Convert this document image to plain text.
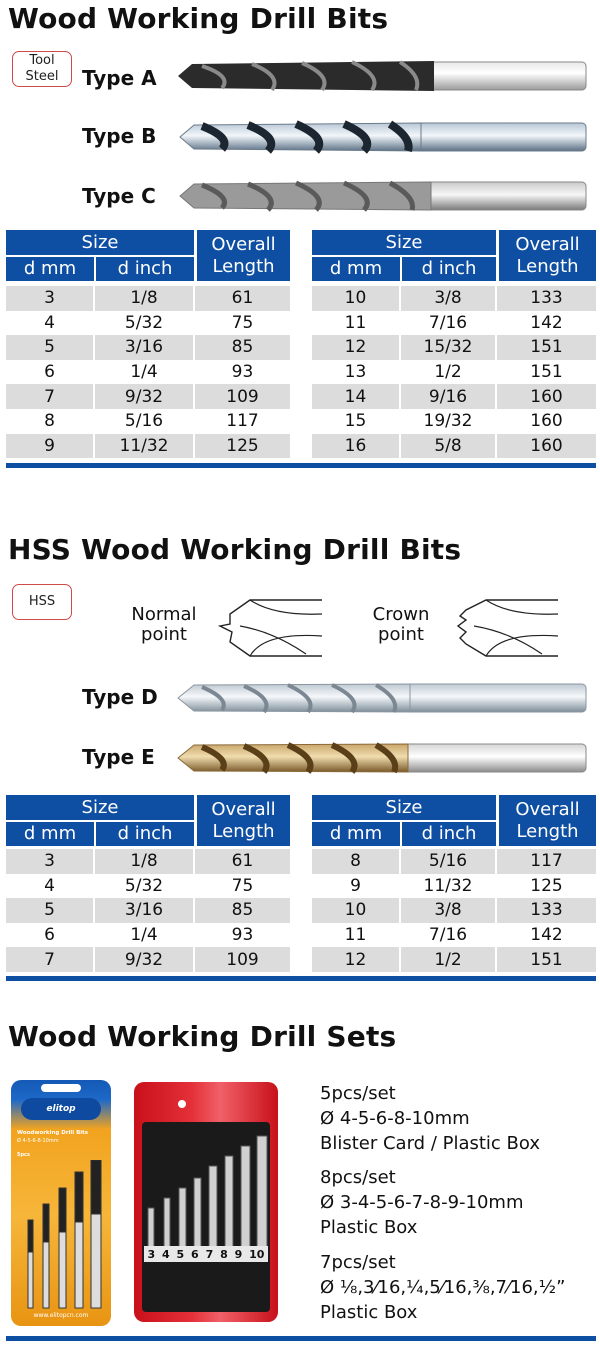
Wood Working Drill Bits
Tool
Steel	Type A
Type B
Type C
Size
d mm	d inch
Overall
Length
3	1/8	61
4	5/32	75
5	3/16	85
6	1/4	93
7	9/32	109
8	5/16	117
9	11/32	125
Size
d mm	d inch
Overall
Length
10	3/8	133
11	7/16	142
12	15/32	151
13	1/2	151
14	9/16	160
15	19/32	160
16	5/8	160
HSS Wood Working Drill Bits
HSS
Normal
point
Crown
point
Type D
Type E
Size
d mm	d inch
Overall
Length
3	1/8	61
4	5/32	75
5	3/16	85
6	1/4	93
7	9/32	109
Size
d mm	d inch
Overall
Length
8	5/16	117
9	11/32	125
10	3/8	133
11	7/16	142
12	1/2	151
Wood Working Drill Sets
elitop
Woodworking Drill Bits
Ø 4-5-6-8-10mm
5pcs
www.elitopcn.com
3 4 5 6 7 8 9 10
5pcs/set
Ø 4-5-6-8-10mm
Blister Card / Plastic Box
8pcs/set
Ø 3-4-5-6-7-8-9-10mm
Plastic Box
7pcs/set
Ø ⅛,3⁄16,¼,5⁄16,⅜,7⁄16,½”
Plastic Box
